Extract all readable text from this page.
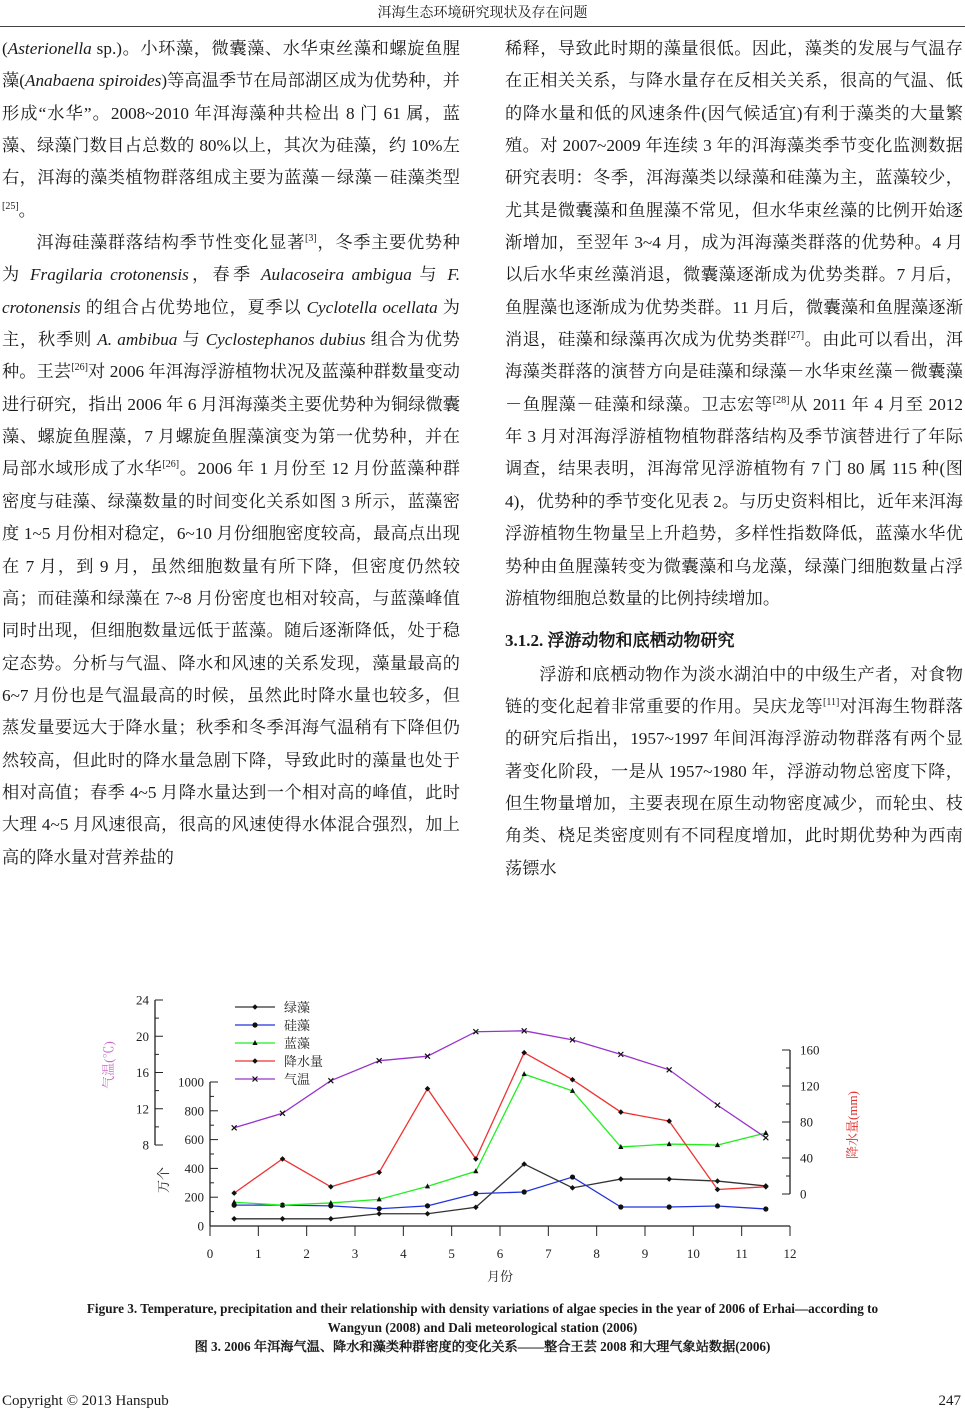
洱海生态环境研究现状及存在问题

(Asterionella sp.)。小环藻，微囊藻、水华束丝藻和螺旋鱼腥藻(Anabaena spiroides)等高温季节在局部湖区成为优势种，并形成“水华”。2008~2010 年洱海藻种共检出 8 门 61 属，蓝藻、绿藻门数目占总数的 80%以上，其次为硅藻，约 10%左右，洱海的藻类植物群落组成主要为蓝藻－绿藻－硅藻类型[25]。

洱海硅藻群落结构季节性变化显著[3]，冬季主要优势种为 Fragilaria crotonensis，春季 Aulacoseira ambigua 与 F. crotonensis 的组合占优势地位，夏季以 Cyclotella ocellata 为主，秋季则 A. ambibua 与 Cyclostephanos dubius 组合为优势种。王芸[26]对 2006 年洱海浮游植物状况及蓝藻种群数量变动进行研究，指出 2006 年 6 月洱海藻类主要优势种为铜绿微囊藻、螺旋鱼腥藻，7 月螺旋鱼腥藻演变为第一优势种，并在局部水域形成了水华[26]。2006 年 1 月份至 12 月份蓝藻种群密度与硅藻、绿藻数量的时间变化关系如图 3 所示，蓝藻密度 1~5 月份相对稳定，6~10 月份细胞密度较高，最高点出现在 7 月，到 9 月，虽然细胞数量有所下降，但密度仍然较高；而硅藻和绿藻在 7~8 月份密度也相对较高，与蓝藻峰值同时出现，但细胞数量远低于蓝藻。随后逐渐降低，处于稳定态势。分析与气温、降水和风速的关系发现，藻量最高的 6~7 月份也是气温最高的时候，虽然此时降水量也较多，但蒸发量要远大于降水量；秋季和冬季洱海气温稍有下降但仍然较高，但此时的降水量急剧下降，导致此时的藻量也处于相对高值；春季 4~5 月降水量达到一个相对高的峰值，此时大理 4~5 月风速很高，很高的风速使得水体混合强烈，加上高的降水量对营养盐的

稀释，导致此时期的藻量很低。因此，藻类的发展与气温存在正相关关系，与降水量存在反相关关系，很高的气温、低的降水量和低的风速条件(因气候适宜)有利于藻类的大量繁殖。对 2007~2009 年连续 3 年的洱海藻类季节变化监测数据研究表明：冬季，洱海藻类以绿藻和硅藻为主，蓝藻较少，尤其是微囊藻和鱼腥藻不常见，但水华束丝藻的比例开始逐渐增加，至翌年 3~4 月，成为洱海藻类群落的优势种。4 月以后水华束丝藻消退，微囊藻逐渐成为优势类群。7 月后，鱼腥藻也逐渐成为优势类群。11 月后，微囊藻和鱼腥藻逐渐消退，硅藻和绿藻再次成为优势类群[27]。由此可以看出，洱海藻类群落的演替方向是硅藻和绿藻－水华束丝藻－微囊藻－鱼腥藻－硅藻和绿藻。卫志宏等[28]从 2011 年 4 月至 2012 年 3 月对洱海浮游植物植物群落结构及季节演替进行了年际调查，结果表明，洱海常见浮游植物有 7 门 80 属 115 种(图 4)，优势种的季节变化见表 2。与历史资料相比，近年来洱海浮游植物生物量呈上升趋势，多样性指数降低，蓝藻水华优势种由鱼腥藻转变为微囊藻和乌龙藻，绿藻门细胞数量占浮游植物细胞总数量的比例持续增加。

3.1.2. 浮游动物和底栖动物研究

浮游和底栖动物作为淡水湖泊中的中级生产者，对食物链的变化起着非常重要的作用。吴庆龙等[11]对洱海生物群落的研究后指出，1957~1997 年间洱海浮游动物群落有两个显著变化阶段，一是从 1957~1980 年，浮游动物总密度下降，但生物量增加，主要表现在原生动物密度减少，而轮虫、枝角类、桡足类密度则有不同程度增加，此时期优势种为西南荡镖水

0	1	2	3	4	5	6	7	8	9	10	11	12
月份
8
12
16
20
24
气温(℃)
0
200
400
600
800
1000
万个
0
40
80
120
160
降水量(mm)
绿藻
硅藻
蓝藻
降水量
气温
Figure 3. Temperature, precipitation and their relationship with density variations of algae species in the year of 2006 of Erhai—according to
Wangyun (2008) and Dali meteorological station (2006)
图 3. 2006 年洱海气温、降水和藻类种群密度的变化关系——整合王芸 2008 和大理气象站数据(2006)
Copyright © 2013 Hanspub	247
